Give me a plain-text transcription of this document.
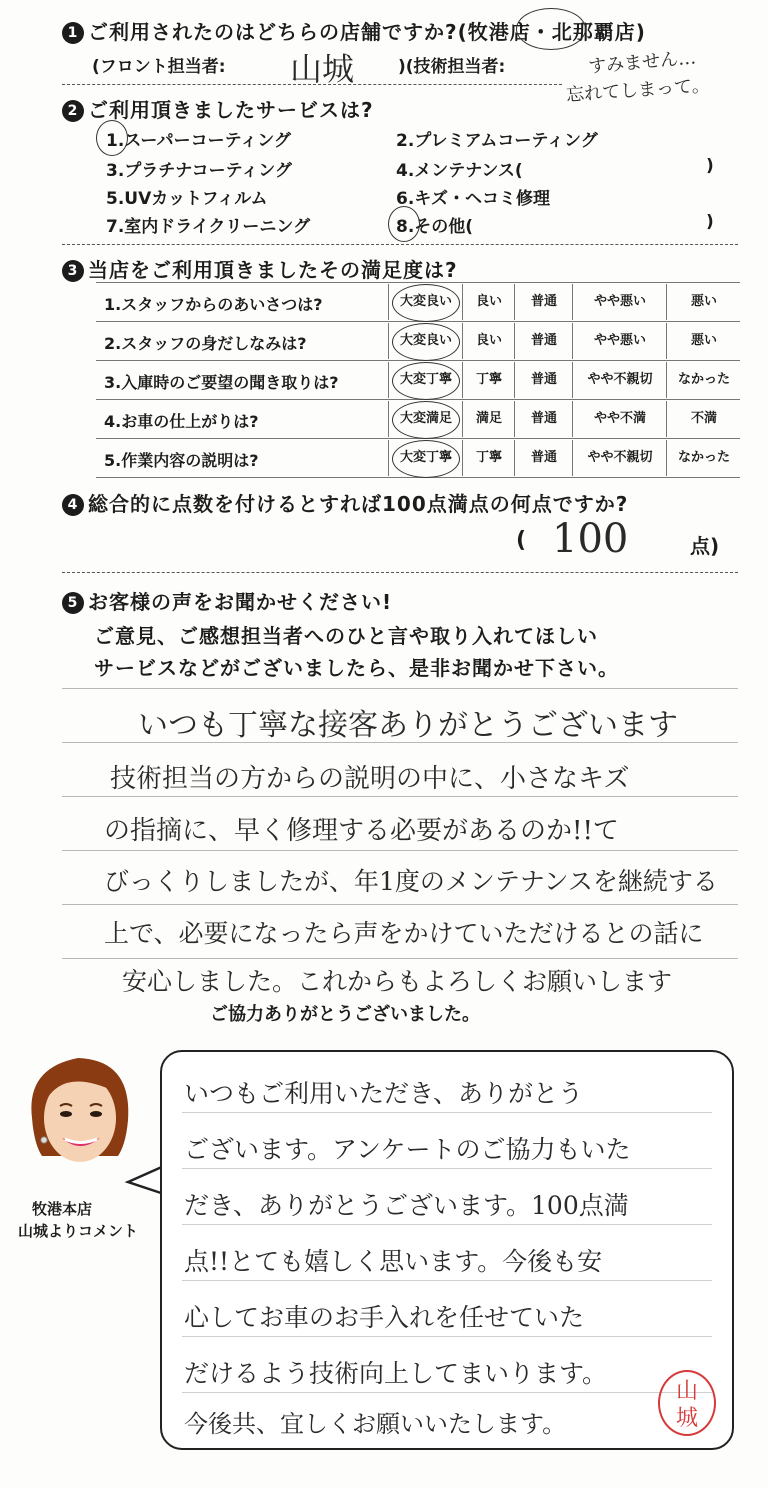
1 ご利用されたのはどちらの店舗ですか?(牧港店・北那覇店)
(フロント担当者: 山城	)(技術担当者:	すみません…
忘れてしまって。
2 ご利用頂きましたサービスは?
1.スーパーコーティング	2.プレミアムコーティング
3.プラチナコーティング	4.メンテナンス(	)
5.UVカットフィルム	6.キズ・ヘコミ修理
7.室内ドライクリーニング	8.その他(	)
3 当店をご利用頂きましたその満足度は?
1.スタッフからのあいさつは?	大変良い	良い	普通	やや悪い	悪い
2.スタッフの身だしなみは?	大変良い	良い	普通	やや悪い	悪い
3.入庫時のご要望の聞き取りは?	大変丁寧	丁寧	普通	やや不親切	なかった
4.お車の仕上がりは?	大変満足	満足	普通	やや不満	不満
5.作業内容の説明は?	大変丁寧	丁寧	普通	やや不親切	なかった
4 総合的に点数を付けるとすれば100点満点の何点ですか?
( 100	点)
5 お客様の声をお聞かせください!
ご意見、ご感想担当者へのひと言や取り入れてほしい
サービスなどがございましたら、是非お聞かせ下さい。
いつも丁寧な接客ありがとうございます
技術担当の方からの説明の中に、小さなキズ
の指摘に、早く修理する必要があるのか!!て
びっくりしましたが、年1度のメンテナンスを継続する
上で、必要になったら声をかけていただけるとの話に
安心しました。これからもよろしくお願いします
ご協力ありがとうございました。
牧港本店
山城よりコメント
いつもご利用いただき、ありがとう
ございます。アンケートのご協力もいた
だき、ありがとうございます。100点満
点!!とても嬉しく思います。今後も安
心してお車のお手入れを任せていた
だけるよう技術向上してまいります。
今後共、宜しくお願いいたします。
山
城
